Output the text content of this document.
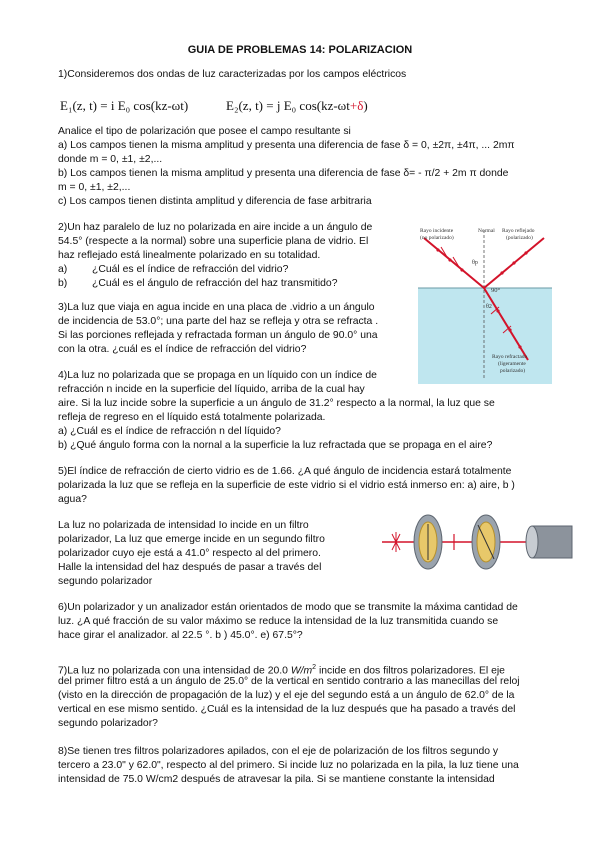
GUIA DE PROBLEMAS 14: POLARIZACION
1)Consideremos dos ondas de luz caracterizadas por los campos eléctricos
E₁(z, t) = i E₀ cos(kz-ωt)	E₂(z, t) = j E₀ cos(kz-ωt+δ)
Analice el tipo de polarización que posee el campo resultante si
a) Los campos tienen la misma amplitud y presenta una diferencia de fase δ = 0, ±2π, ±4π, ... 2mπ
donde m = 0, ±1, ±2,...
b) Los campos tienen la misma amplitud y presenta una diferencia de fase δ= - π/2 + 2m π donde
m = 0, ±1, ±2,...
c) Los campos tienen distinta amplitud y diferencia de fase arbitraria
2)Un haz paralelo de luz no polarizada en aire incide a un ángulo de
54.5° (respecte a la normal) sobre una superficie plana de vidrio. El
haz reflejado está linealmente polarizado en su totalidad.
a) ¿Cuál es el índice de refracción del vidrio?
b) ¿Cuál es el ángulo de refracción del haz transmitido?
Normal
Rayo incidente
(no polarizado)
Rayo reflejado
(polarizado)
θp
θ2
90°
Rayo refractado
(ligeramente
polarizado)
3)La luz que viaja en agua incide en una placa de .vidrio a un ángulo
de incidencia de 53.0°; una parte del haz se refleja y otra se refracta .
Si las porciones reflejada y refractada forman un ángulo de 90.0° una
con la otra. ¿cuál es el índice de refracción del vidrio?
4)La luz no polarizada que se propaga en un líquido con un índice de
refracción n incide en la superficie del líquido, arriba de la cual hay
aire. Si la luz incide sobre la superficie a un ángulo de 31.2° respecto a la normal, la luz que se
refleja de regreso en el líquido está totalmente polarizada.
a) ¿Cuál es el índice de refracción n del líquido?
b) ¿Qué ángulo forma con la nornal a la superficie la luz refractada que se propaga en el aire?
5)El índice de refracción de cierto vidrio es de 1.66. ¿A qué ángulo de incidencia estará totalmente
polarizada la luz que se refleja en la superficie de este vidrio si el vidrio está inmerso en: a) aire, b )
agua?
La luz no polarizada de intensidad Io incide en un filtro
polarizador, La luz que emerge incide en un segundo filtro
polarizador cuyo eje está a 41.0° respecto al del primero.
Halle la intensidad del haz después de pasar a través del
segundo polarizador
6)Un polarizador y un analizador están orientados de modo que se transmite la máxima cantidad de
luz. ¿A qué fracción de su valor máximo se reduce la intensidad de la luz transmitida cuando se
hace girar el analizador. al 22.5 °. b ) 45.0°. e) 67.5°?
7)La luz no polarizada con una intensidad de 20.0 $W/m^2$ incide en dos filtros polarizadores. El eje
del primer filtro está a un ángulo de 25.0° de la vertical en sentido contrario a las manecillas del reloj
(visto en la dirección de propagación de la luz) y el eje del segundo está a un ángulo de 62.0° de la
vertical en ese mismo sentido. ¿Cuál es la intensidad de la luz después que ha pasado a través del
segundo polarizador?
8)Se tienen tres filtros polarizadores apilados, con el eje de polarización de los filtros segundo y
tercero a 23.0" y 62.0", respecto al del primero. Si incide luz no polarizada en la pila, la luz tiene una
intensidad de 75.0 W/cm2 después de atravesar la pila. Si se mantiene constante la intensidad
